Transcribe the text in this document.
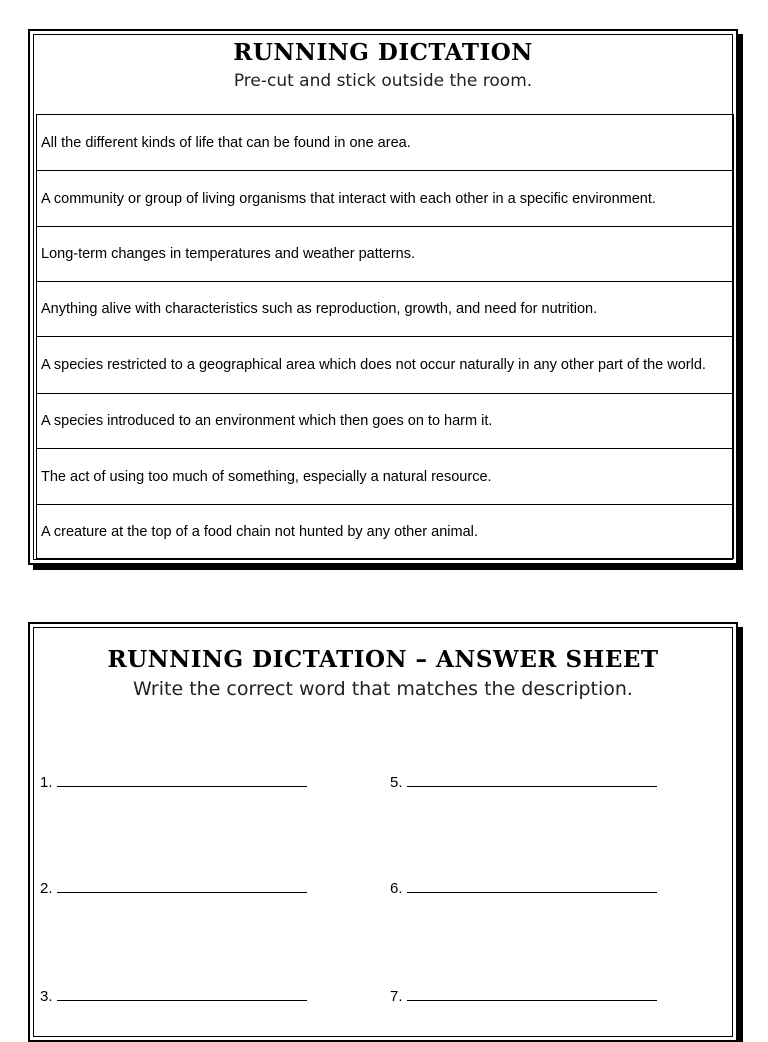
RUNNING DICTATION

Pre-cut and stick outside the room.

All the different kinds of life that can be found in one area.
A community or group of living organisms that interact with each other in a specific environment.
Long-term changes in temperatures and weather patterns.
Anything alive with characteristics such as reproduction, growth, and need for nutrition.
A species restricted to a geographical area which does not occur naturally in any other part of the world.
A species introduced to an environment which then goes on to harm it.
The act of using too much of something, especially a natural resource.
A creature at the top of a food chain not hunted by any other animal.
RUNNING DICTATION – ANSWER SHEET

Write the correct word that matches the description.

1.
2.
3.
5.
6.
7.
